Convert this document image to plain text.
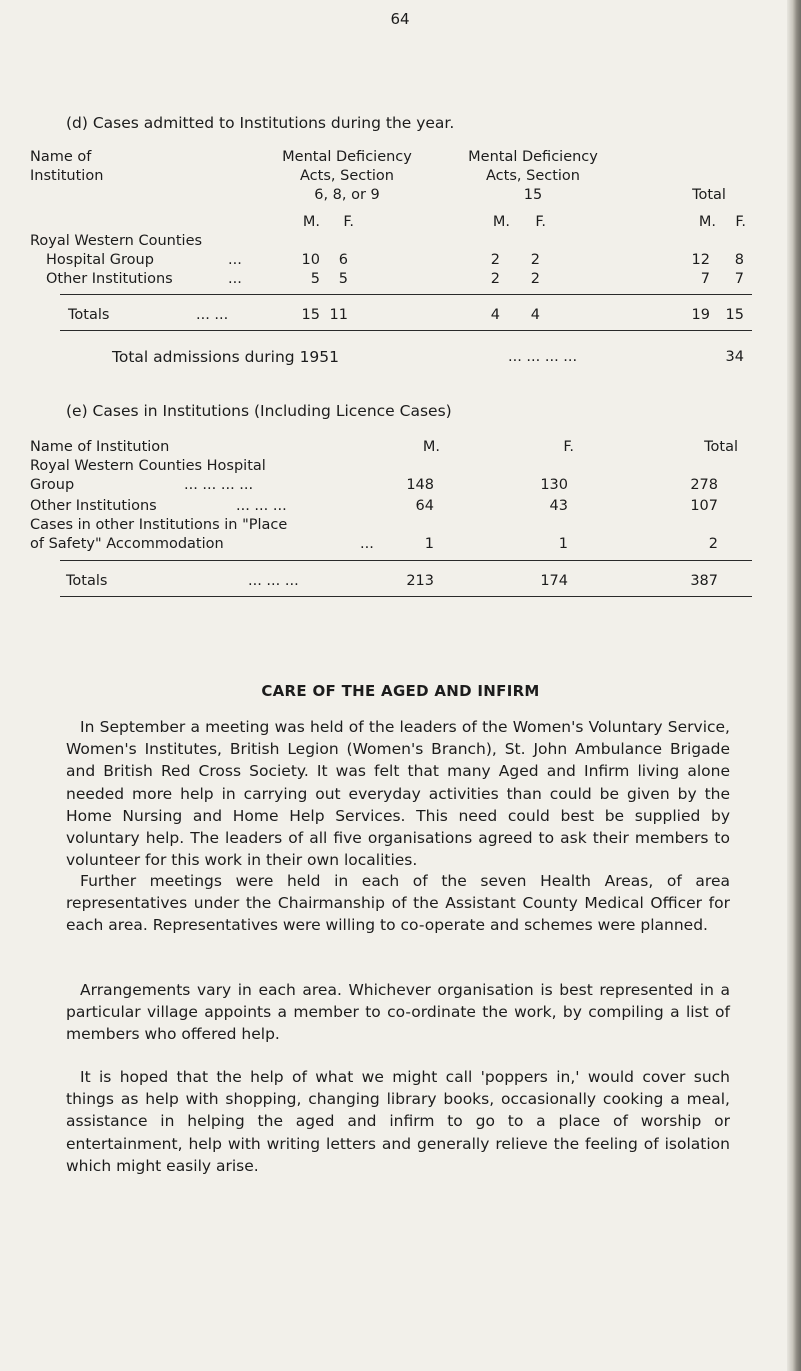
64
(d) Cases admitted to Institutions during the year.
Name of
Institution
Mental Deficiency
Acts, Section
6, 8, or 9
Mental Deficiency
Acts, Section
15	Total
M.	F.	M.	F.	M.	F.
Royal Western Counties
Hospital Group	...	10	6	2	2	12	8
Other Institutions	...	5	5	2	2	7	7
Totals	... ...	15 11	4	4	19	15
Total admissions during 1951	... ... ... ...	34
(e) Cases in Institutions (Including Licence Cases)
Name of Institution	M.	F.	Total
Royal Western Counties Hospital
Group	... ... ... ...	148	130	278
Other Institutions	... ... ...	64	43	107
Cases in other Institutions in "Place
of Safety" Accommodation	...	1	1	2
Totals	... ... ...	213	174	387
CARE OF THE AGED AND INFIRM

In September a meeting was held of the leaders of the Women's Voluntary Service, Women's Institutes, British Legion (Women's Branch), St. John Ambulance Brigade and British Red Cross Society. It was felt that many Aged and Infirm living alone needed more help in carrying out everyday activities than could be given by the Home Nursing and Home Help Services. This need could best be supplied by voluntary help. The leaders of all five organisations agreed to ask their members to volunteer for this work in their own localities.

Further meetings were held in each of the seven Health Areas, of area representatives under the Chairmanship of the Assistant County Medical Officer for each area. Representatives were willing to co-operate and schemes were planned.

Arrangements vary in each area. Whichever organisation is best represented in a particular village appoints a member to co-ordinate the work, by compiling a list of members who offered help.

It is hoped that the help of what we might call 'poppers in,' would cover such things as help with shopping, changing library books, occasionally cooking a meal, assistance in helping the aged and infirm to go to a place of worship or entertainment, help with writing letters and generally relieve the feeling of isolation which might easily arise.
